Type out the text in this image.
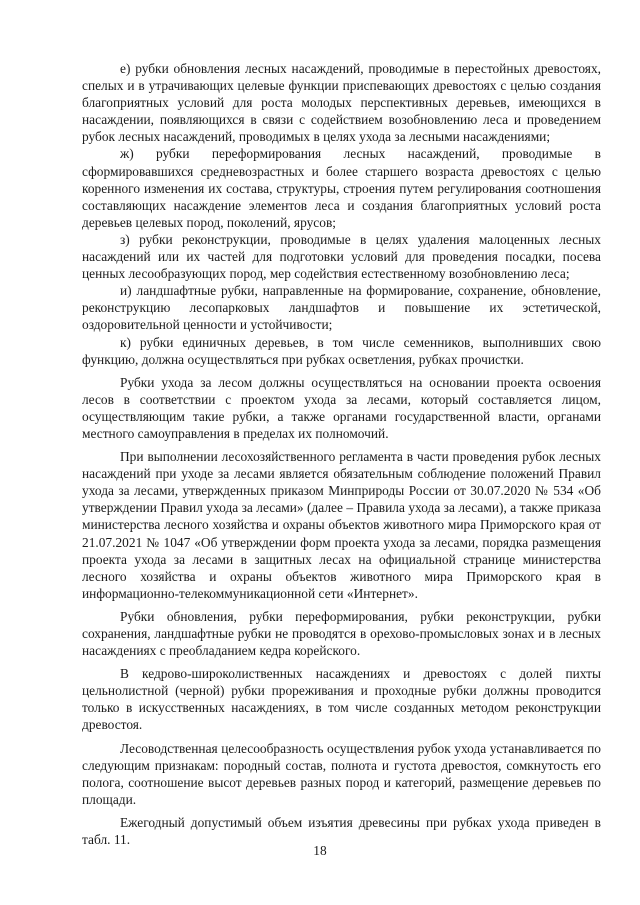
е) рубки обновления лесных насаждений, проводимые в перестойных древостоях, спелых и в утрачивающих целевые функции приспевающих древостоях с целью создания благоприятных условий для роста молодых перспективных деревьев, имеющихся в насаждении, появляющихся в связи с содействием возобновлению леса и проведением рубок лесных насаждений, проводимых в целях ухода за лесными насаждениями;

ж) рубки переформирования лесных насаждений, проводимые в сформировавшихся средневозрастных и более старшего возраста древостоях с целью коренного изменения их состава, структуры, строения путем регулирования соотношения составляющих насаждение элементов леса и создания благоприятных условий роста деревьев целевых пород, поколений, ярусов;

з) рубки реконструкции, проводимые в целях удаления малоценных лесных насаждений или их частей для подготовки условий для проведения посадки, посева ценных лесообразующих пород, мер содействия естественному возобновлению леса;

и) ландшафтные рубки, направленные на формирование, сохранение, обновление, реконструкцию лесопарковых ландшафтов и повышение их эстетической, оздоровительной ценности и устойчивости;

к) рубки единичных деревьев, в том числе семенников, выполнивших свою функцию, должна осуществляться при рубках осветления, рубках прочистки.

Рубки ухода за лесом должны осуществляться на основании проекта освоения лесов в соответствии с проектом ухода за лесами, который составляется лицом, осуществляющим такие рубки, а также органами государственной власти, органами местного самоуправления в пределах их полномочий.

При выполнении лесохозяйственного регламента в части проведения рубок лесных насаждений при уходе за лесами является обязательным соблюдение положений Правил ухода за лесами, утвержденных приказом Минприроды России от 30.07.2020 № 534 «Об утверждении Правил ухода за лесами» (далее – Правила ухода за лесами), а также приказа министерства лесного хозяйства и охраны объектов животного мира Приморского края от 21.07.2021 № 1047 «Об утверждении форм проекта ухода за лесами, порядка размещения проекта ухода за лесами в защитных лесах на официальной странице министерства лесного хозяйства и охраны объектов животного мира Приморского края в информационно-телекоммуникационной сети «Интернет».

Рубки обновления, рубки переформирования, рубки реконструкции, рубки сохранения, ландшафтные рубки не проводятся в орехово-промысловых зонах и в лесных насаждениях с преобладанием кедра корейского.

В кедрово-широколиственных насаждениях и древостоях с долей пихты цельнолистной (черной) рубки прореживания и проходные рубки должны проводится только в искусственных насаждениях, в том числе созданных методом реконструкции древостоя.

Лесоводственная целесообразность осуществления рубок ухода устанавливается по следующим признакам: породный состав, полнота и густота древостоя, сомкнутость его полога, соотношение высот деревьев разных пород и категорий, размещение деревьев по площади.

Ежегодный допустимый объем изъятия древесины при рубках ухода приведен в табл. 11.

18
